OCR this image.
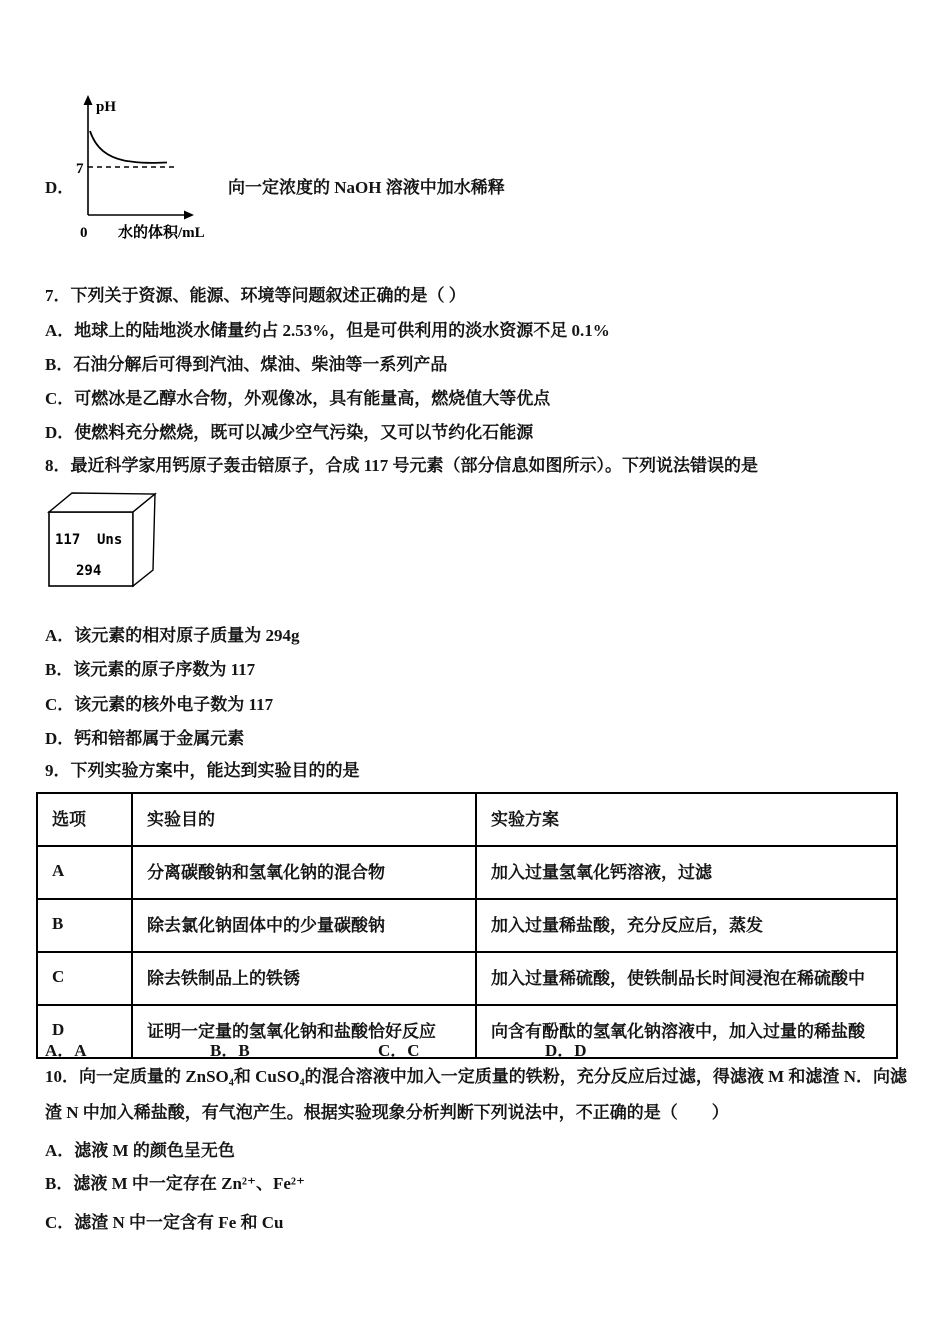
D．
pH
7
0 水的体积/mL
向一定浓度的 NaOH 溶液中加水稀释
7．下列关于资源、能源、环境等问题叙述正确的是（ ）
A．地球上的陆地淡水储量约占 2.53%，但是可供利用的淡水资源不足 0.1%
B．石油分解后可得到汽油、煤油、柴油等一系列产品
C．可燃冰是乙醇水合物，外观像冰，具有能量高，燃烧值大等优点
D．使燃料充分燃烧，既可以减少空气污染，又可以节约化石能源
8．最近科学家用钙原子轰击锫原子，合成 117 号元素（部分信息如图所示）。下列说法错误的是
117 Uns
294
A．该元素的相对原子质量为 294g
B．该元素的原子序数为 117
C．该元素的核外电子数为 117
D．钙和锫都属于金属元素
9．下列实验方案中，能达到实验目的的是
选项	实验目的	实验方案
A	分离碳酸钠和氢氧化钠的混合物	加入过量氢氧化钙溶液，过滤
B	除去氯化钠固体中的少量碳酸钠	加入过量稀盐酸，充分反应后，蒸发
C	除去铁制品上的铁锈	加入过量稀硫酸，使铁制品长时间浸泡在稀硫酸中
D	证明一定量的氢氧化钠和盐酸恰好反应	向含有酚酞的氢氧化钠溶液中，加入过量的稀盐酸
A．A	B．B	C．C	D．D
10．向一定质量的 ZnSO₄和 CuSO₄的混合溶液中加入一定质量的铁粉，充分反应后过滤，得滤液 M 和滤渣 N．向滤渣 N 中加入稀盐酸，有气泡产生。根据实验现象分析判断下列说法中，不正确的是（　　）
A．滤液 M 的颜色呈无色
B．滤液 M 中一定存在 Zn²⁺、Fe²⁺
C．滤渣 N 中一定含有 Fe 和 Cu
